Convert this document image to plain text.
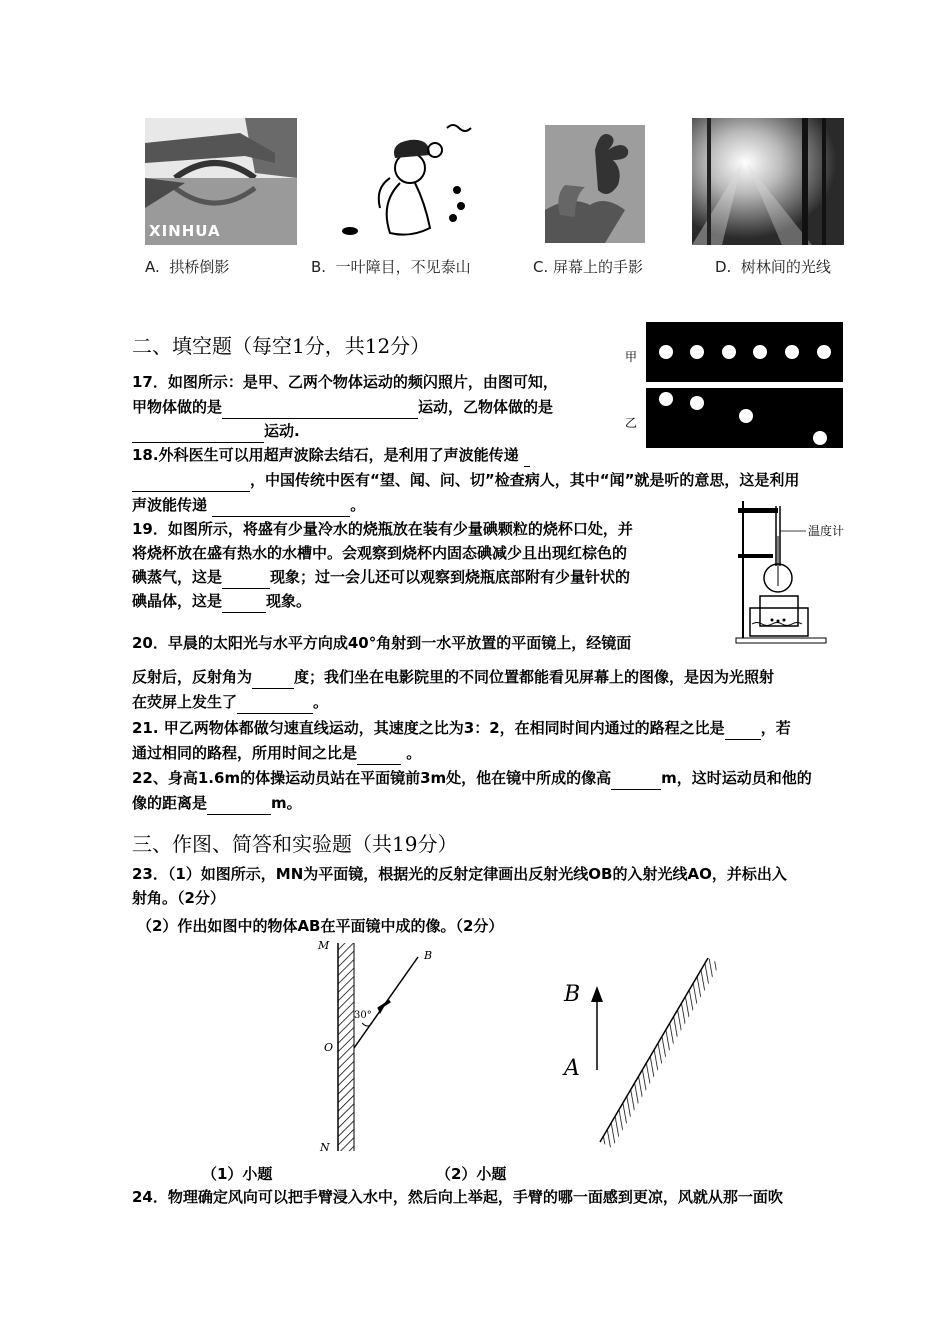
XINHUA
A. 拱桥倒影	B. 一叶障目，不见泰山	C. 屏幕上的手影	D. 树林间的光线
二、填空题（每空1分，共12分）	甲
乙
17．如图所示：是甲、乙两个物体运动的频闪照片，由图可知，
甲物体做的是	运动，乙物体做的是
运动.
18.外科医生可以用超声波除去结石，是利用了声波能传递
，中国传统中医有“望、闻、问、切”检查病人，其中“闻”就是听的意思，这是利用
声波能传递	。
温度计
19．如图所示，将盛有少量冷水的烧瓶放在装有少量碘颗粒的烧杯口处，并
将烧杯放在盛有热水的水槽中。会观察到烧杯内固态碘减少且出现红棕色的
碘蒸气，这是	现象；过一会儿还可以观察到烧瓶底部附有少量针状的
碘晶体，这是	现象。
20．早晨的太阳光与水平方向成40°角射到一水平放置的平面镜上，经镜面
反射后，反射角为	度；我们坐在电影院里的不同位置都能看见屏幕上的图像，是因为光照射
在荧屏上发生了	。
21. 甲乙两物体都做匀速直线运动，其速度之比为3：2，在相同时间内通过的路程之比是 ，若
通过相同的路程，所用时间之比是	。
22、身高1.6m的体操运动员站在平面镜前3m处，他在镜中所成的像高	m，这时运动员和他的
像的距离是	m。
三、作图、简答和实验题（共19分）
23．（1）如图所示，MN为平面镜，根据光的反射定律画出反射光线OB的入射光线AO，并标出入
射角。（2分）
（2）作出如图中的物体AB在平面镜中成的像。（2分）
M
N
O
B
30°
B
A
（1）小题	（2）小题
24．物理确定风向可以把手臂浸入水中，然后向上举起，手臂的哪一面感到更凉，风就从那一面吹
